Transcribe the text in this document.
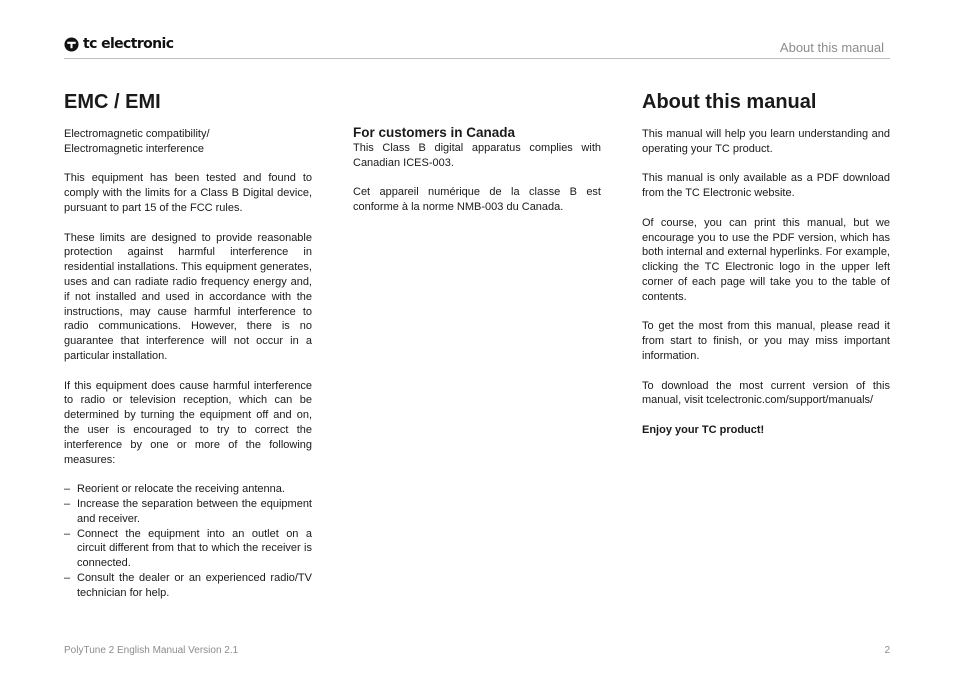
tc electronic	About this manual
EMC / EMI

Electromagnetic compatibility/ Electromagnetic interference

This equipment has been tested and found to comply with the limits for a Class B Digital device, pursuant to part 15 of the FCC rules.

These limits are designed to provide reasonable protection against harmful interference in residential installations. This equipment generates, uses and can radiate radio frequency energy and, if not installed and used in accordance with the instructions, may cause harmful interference to radio communications. However, there is no guarantee that interference will not occur in a particular installation.

If this equipment does cause harmful interference to radio or television reception, which can be determined by turning the equipment off and on, the user is encouraged to try to correct the interference by one or more of the following measures:

– Reorient or relocate the receiving antenna.
– Increase the separation between the equipment and receiver.
– Connect the equipment into an outlet on a circuit different from that to which the receiver is connected.
– Consult the dealer or an experienced radio/TV technician for help.
For customers in Canada

This Class B digital apparatus complies with Canadian ICES-003.

Cet appareil numérique de la classe B est conforme à la norme NMB-003 du Canada.

About this manual

This manual will help you learn understanding and operating your TC product.

This manual is only available as a PDF download from the TC Electronic website.

Of course, you can print this manual, but we encourage you to use the PDF version, which has both internal and external hyperlinks. For example, clicking the TC Electronic logo in the upper left corner of each page will take you to the table of contents.

To get the most from this manual, please read it from start to finish, or you may miss important information.

To download the most current version of this manual, visit tcelectronic.com/support/manuals/

Enjoy your TC product!

PolyTune 2 English Manual Version 2.1	2
